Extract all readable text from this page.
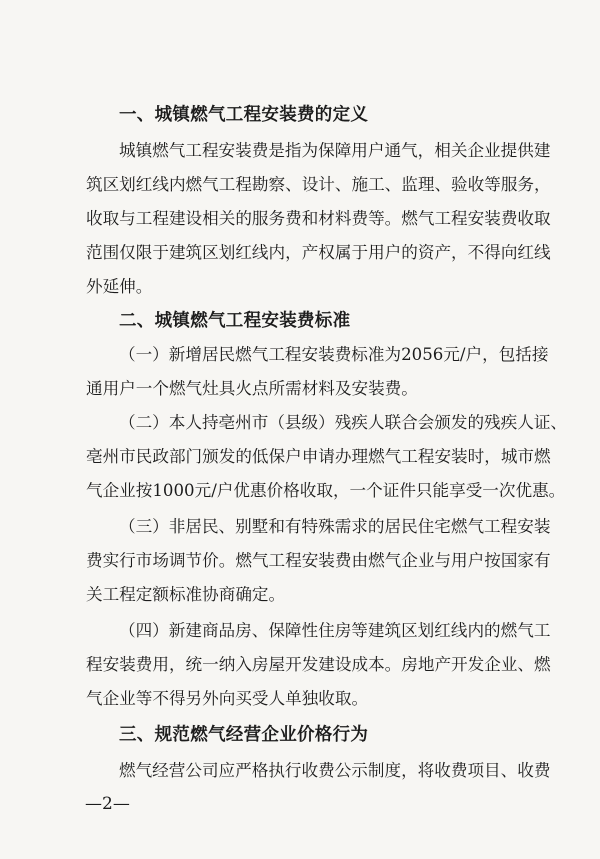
一、城镇燃气工程安装费的定义
城镇燃气工程安装费是指为保障用户通气，相关企业提供建
筑区划红线内燃气工程勘察、设计、施工、监理、验收等服务，
收取与工程建设相关的服务费和材料费等。燃气工程安装费收取
范围仅限于建筑区划红线内，产权属于用户的资产，不得向红线
外延伸。
二、城镇燃气工程安装费标准
（一）新增居民燃气工程安装费标准为2056元/户，包括接
通用户一个燃气灶具火点所需材料及安装费。
（二）本人持亳州市（县级）残疾人联合会颁发的残疾人证、
亳州市民政部门颁发的低保户申请办理燃气工程安装时，城市燃
气企业按1000元/户优惠价格收取，一个证件只能享受一次优惠。
（三）非居民、别墅和有特殊需求的居民住宅燃气工程安装
费实行市场调节价。燃气工程安装费由燃气企业与用户按国家有
关工程定额标准协商确定。
（四）新建商品房、保障性住房等建筑区划红线内的燃气工
程安装费用，统一纳入房屋开发建设成本。房地产开发企业、燃
气企业等不得另外向买受人单独收取。
三、规范燃气经营企业价格行为
燃气经营公司应严格执行收费公示制度，将收费项目、收费
—2—
